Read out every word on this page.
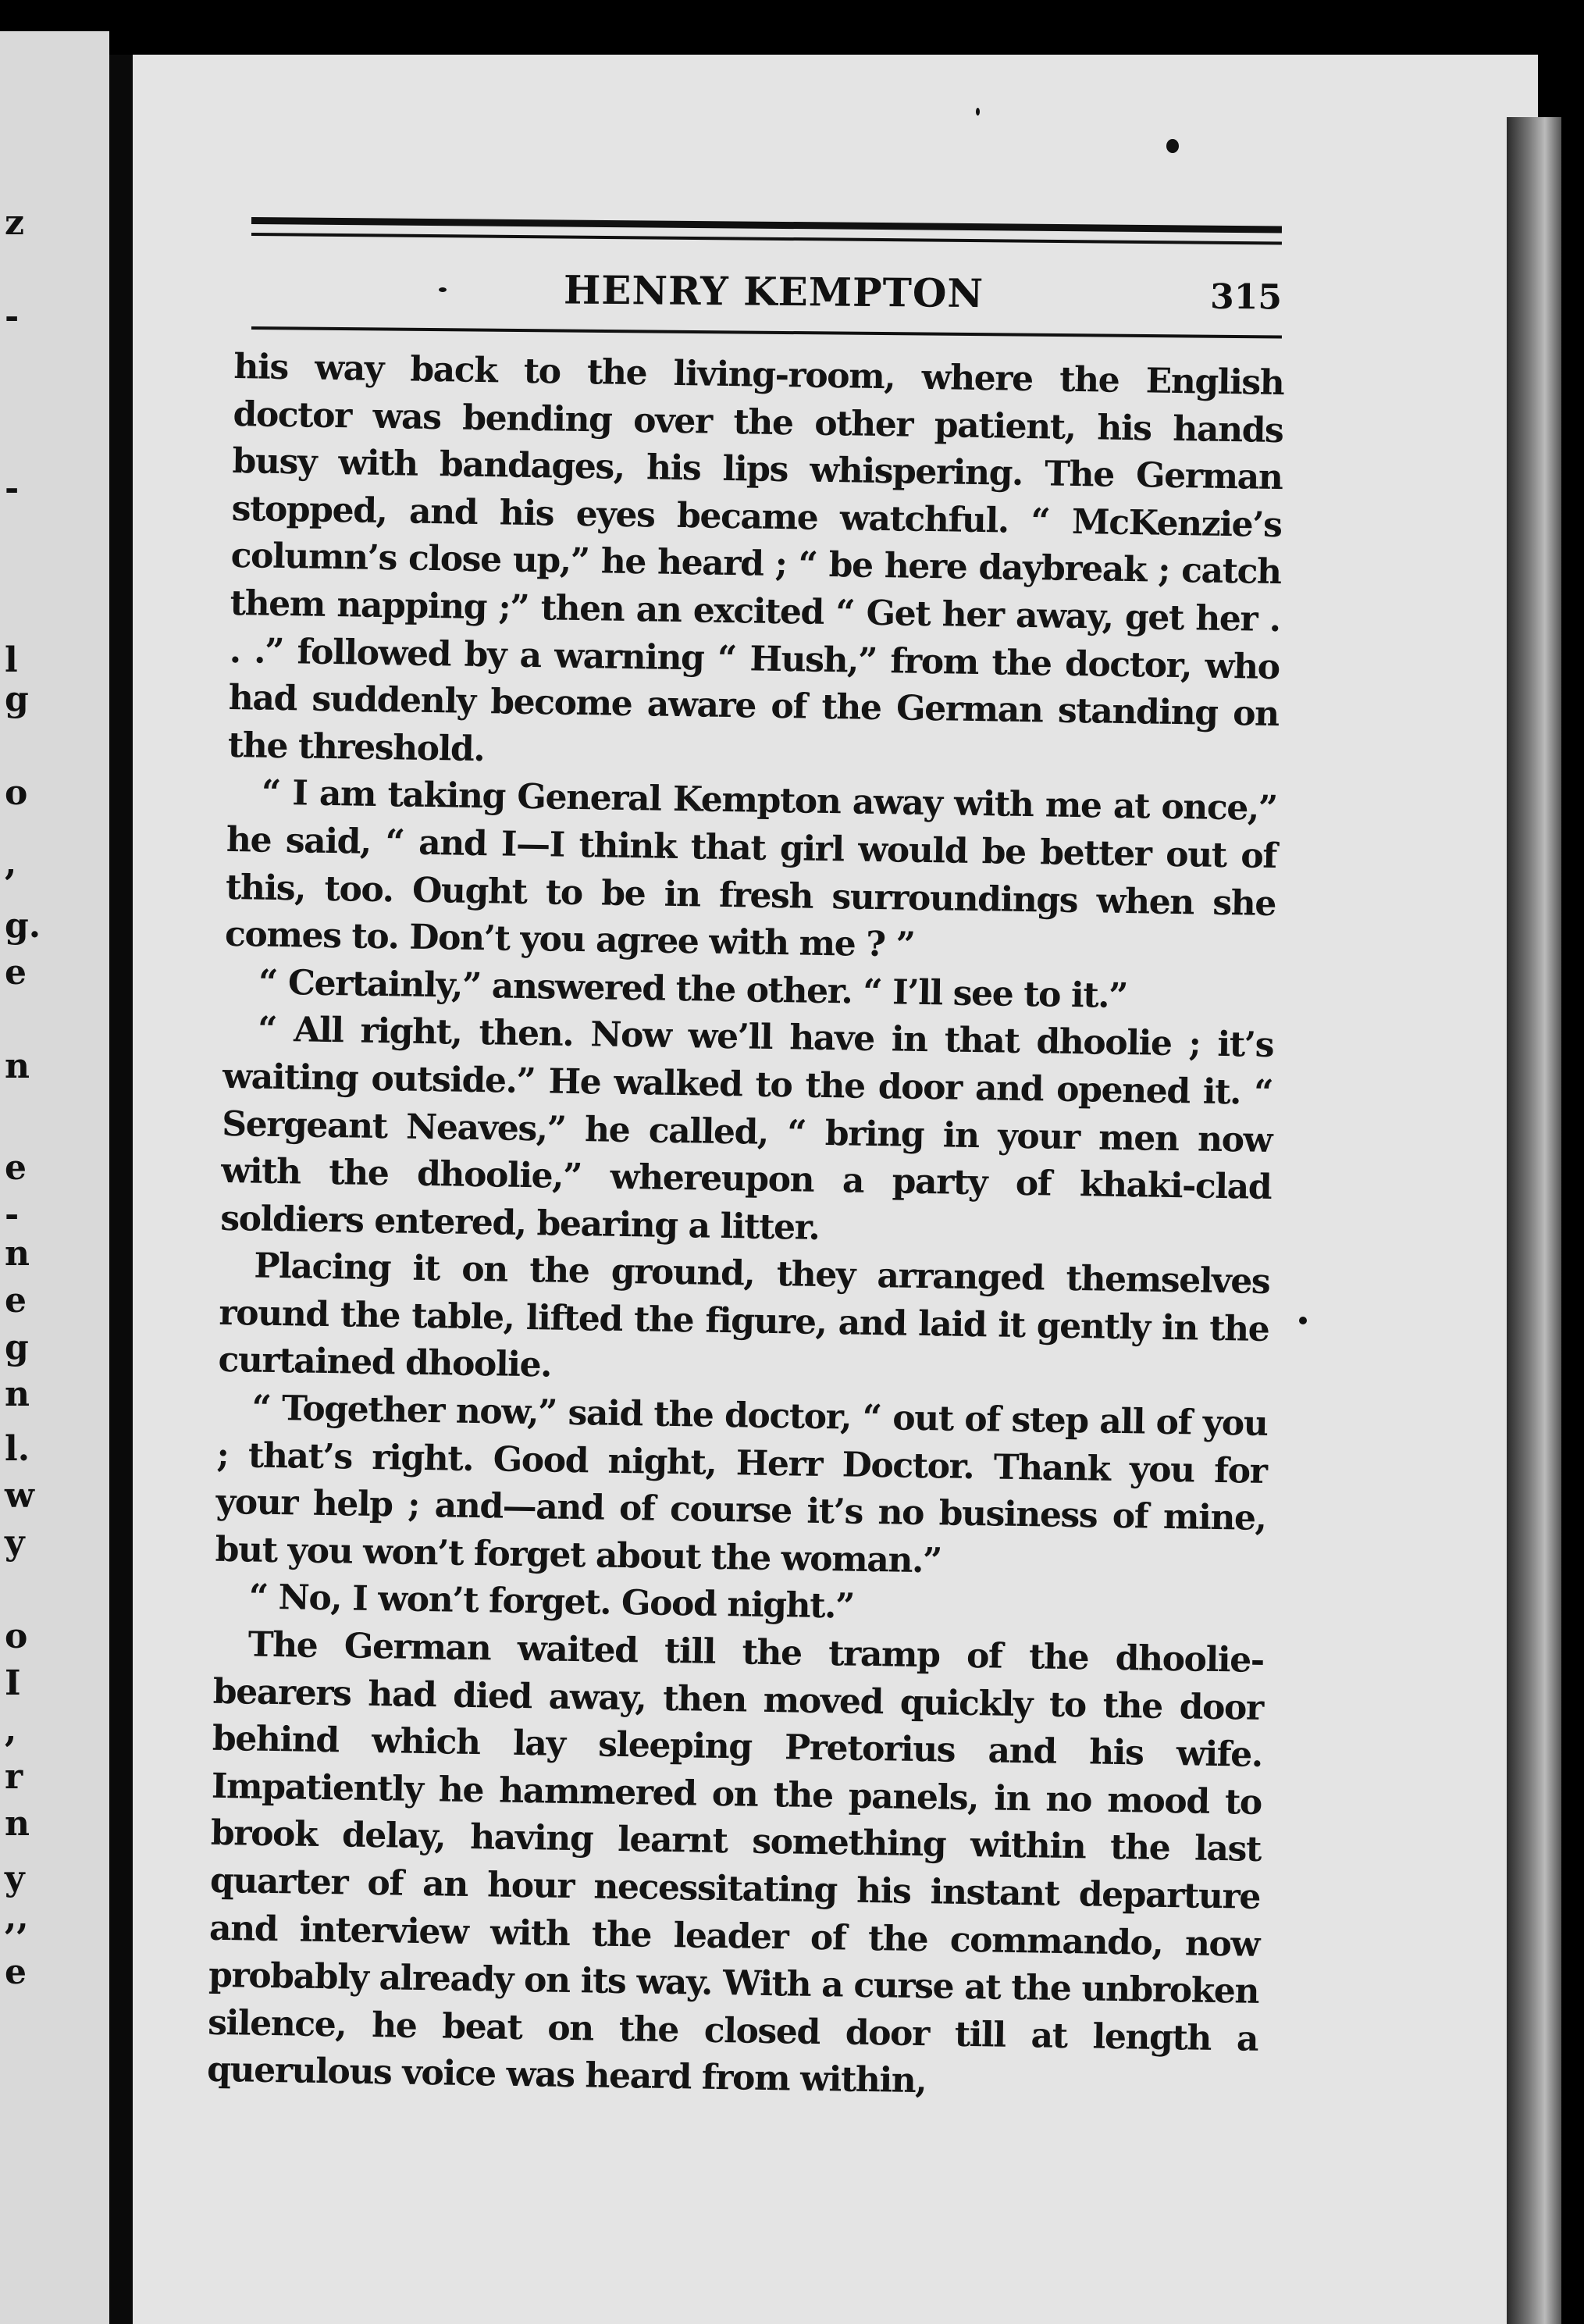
z
-
-
l
g
o
,
g.
e
n
e
-
n
e
g
n
l.
w
y
o
I
,
r
n
y
,,
e
HENRY KEMPTON	315

his way back to the living-room, where the English doctor was bending over the other patient, his hands busy with bandages, his lips whispering. The German stopped, and his eyes became watchful. “ McKenzie’s column’s close up,” he heard ; “ be here daybreak ; catch them napping ;” then an excited “ Get her away, get her . . .” followed by a warning “ Hush,” from the doctor, who had suddenly become aware of the German standing on the threshold.

“ I am taking General Kempton away with me at once,” he said, “ and I—I think that girl would be better out of this, too. Ought to be in fresh surroundings when she comes to. Don’t you agree with me ? ”

“ Certainly,” answered the other. “ I’ll see to it.”

“ All right, then. Now we’ll have in that dhoolie ; it’s waiting outside.” He walked to the door and opened it. “ Sergeant Neaves,” he called, “ bring in your men now with the dhoolie,” whereupon a party of khaki-clad soldiers entered, bearing a litter.

Placing it on the ground, they arranged themselves round the table, lifted the figure, and laid it gently in the curtained dhoolie.

“ Together now,” said the doctor, “ out of step all of you ; that’s right. Good night, Herr Doctor. Thank you for your help ; and—and of course it’s no business of mine, but you won’t forget about the woman.”

“ No, I won’t forget. Good night.”

The German waited till the tramp of the dhoolie-bearers had died away, then moved quickly to the door behind which lay sleeping Pretorius and his wife. Impatiently he hammered on the panels, in no mood to brook delay, having learnt something within the last quarter of an hour necessitating his instant departure and interview with the leader of the commando, now probably already on its way. With a curse at the unbroken silence, he beat on the closed door till at length a querulous voice was heard from within,
